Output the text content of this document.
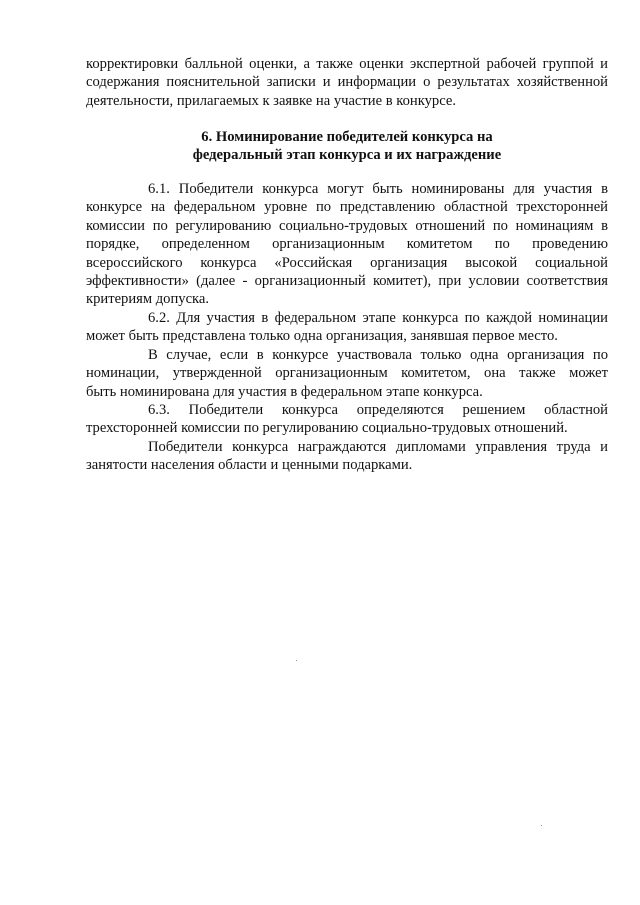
корректировки балльной оценки, а также оценки экспертной рабочей группой и
содержания пояснительной записки и информации о результатах хозяйственной
деятельности, прилагаемых к заявке на участие в конкурсе.
6. Номинирование победителей конкурса на
федеральный этап конкурса и их награждение
6.1. Победители конкурса могут быть номинированы для участия в
конкурсе на федеральном уровне по представлению областной трехсторонней
комиссии по регулированию социально-трудовых отношений по номинациям в
порядке, определенном организационным комитетом по проведению
всероссийского конкурса «Российская организация высокой социальной
эффективности» (далее - организационный комитет), при условии соответствия
критериям допуска.
6.2. Для участия в федеральном этапе конкурса по каждой номинации
может быть представлена только одна организация, занявшая первое место.
В случае, если в конкурсе участвовала только одна организация по
номинации, утвержденной организационным комитетом, она также может
быть номинирована для участия в федеральном этапе конкурса.
6.3. Победители конкурса определяются решением областной
трехсторонней комиссии по регулированию социально-трудовых отношений.
Победители конкурса награждаются дипломами управления труда и
занятости населения области и ценными подарками.
